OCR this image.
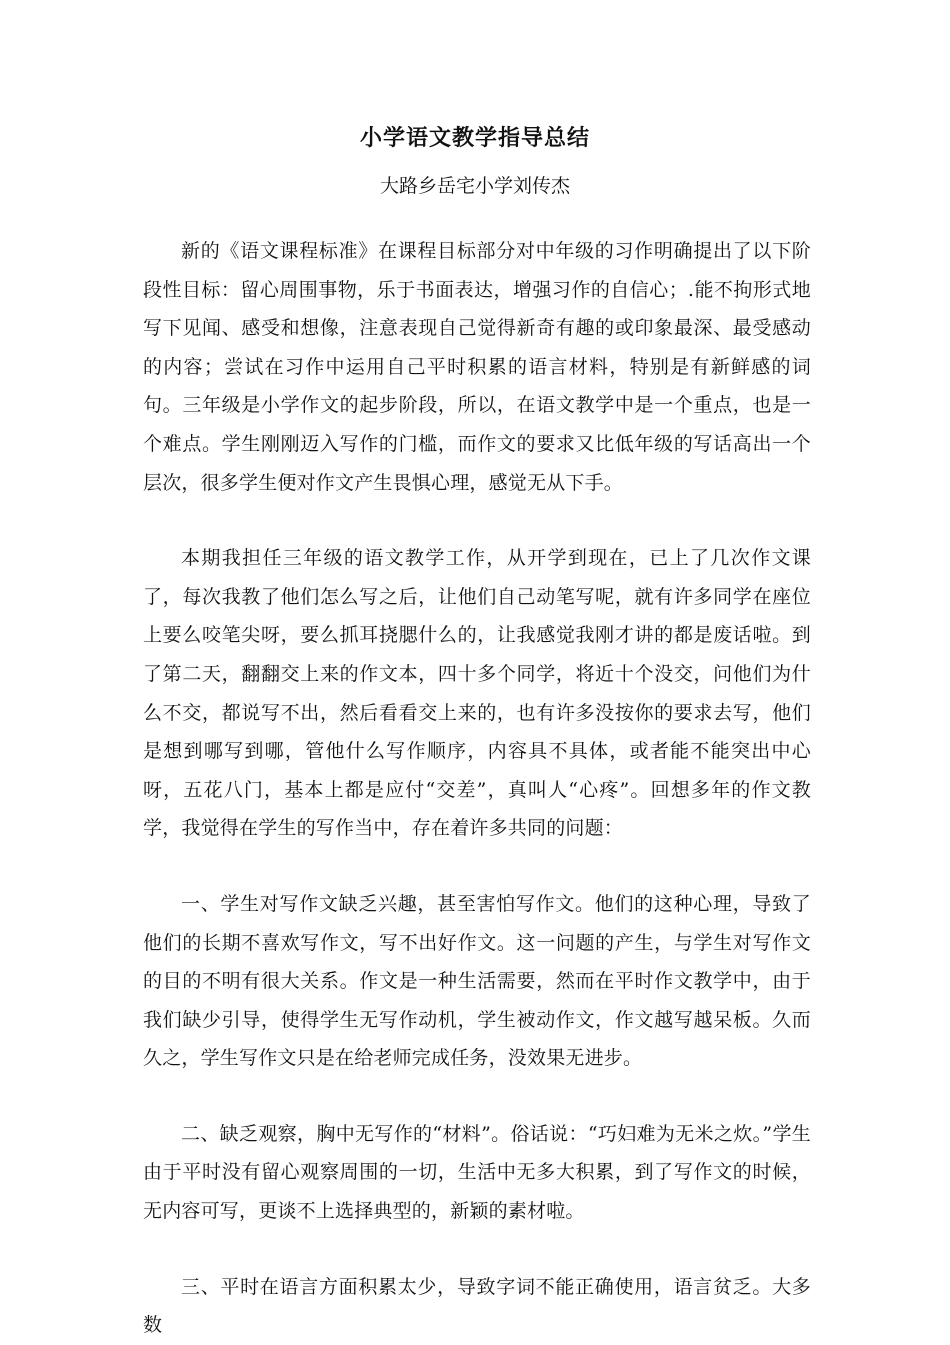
小学语文教学指导总结
大路乡岳宅小学刘传杰

新的《语文课程标准》在课程目标部分对中年级的习作明确提出了以下阶段性目标：留心周围事物，乐于书面表达，增强习作的自信心；.能不拘形式地写下见闻、感受和想像，注意表现自己觉得新奇有趣的或印象最深、最受感动的内容；尝试在习作中运用自己平时积累的语言材料，特别是有新鲜感的词句。三年级是小学作文的起步阶段，所以，在语文教学中是一个重点，也是一个难点。学生刚刚迈入写作的门槛，而作文的要求又比低年级的写话高出一个层次，很多学生便对作文产生畏惧心理，感觉无从下手。

本期我担任三年级的语文教学工作，从开学到现在，已上了几次作文课了，每次我教了他们怎么写之后，让他们自己动笔写呢，就有许多同学在座位上要么咬笔尖呀，要么抓耳挠腮什么的，让我感觉我刚才讲的都是废话啦。到了第二天，翻翻交上来的作文本，四十多个同学，将近十个没交，问他们为什么不交，都说写不出，然后看看交上来的，也有许多没按你的要求去写，他们是想到哪写到哪，管他什么写作顺序，内容具不具体，或者能不能突出中心呀，五花八门，基本上都是应付“交差”，真叫人“心疼”。回想多年的作文教学，我觉得在学生的写作当中，存在着许多共同的问题：

一、学生对写作文缺乏兴趣，甚至害怕写作文。他们的这种心理，导致了他们的长期不喜欢写作文，写不出好作文。这一问题的产生，与学生对写作文的目的不明有很大关系。作文是一种生活需要，然而在平时作文教学中，由于我们缺少引导，使得学生无写作动机，学生被动作文，作文越写越呆板。久而久之，学生写作文只是在给老师完成任务，没效果无进步。

二、缺乏观察，胸中无写作的“材料”。俗话说：“巧妇难为无米之炊。”学生由于平时没有留心观察周围的一切，生活中无多大积累，到了写作文的时候，无内容可写，更谈不上选择典型的，新颖的素材啦。

三、平时在语言方面积累太少，导致字词不能正确使用，语言贫乏。大多数
